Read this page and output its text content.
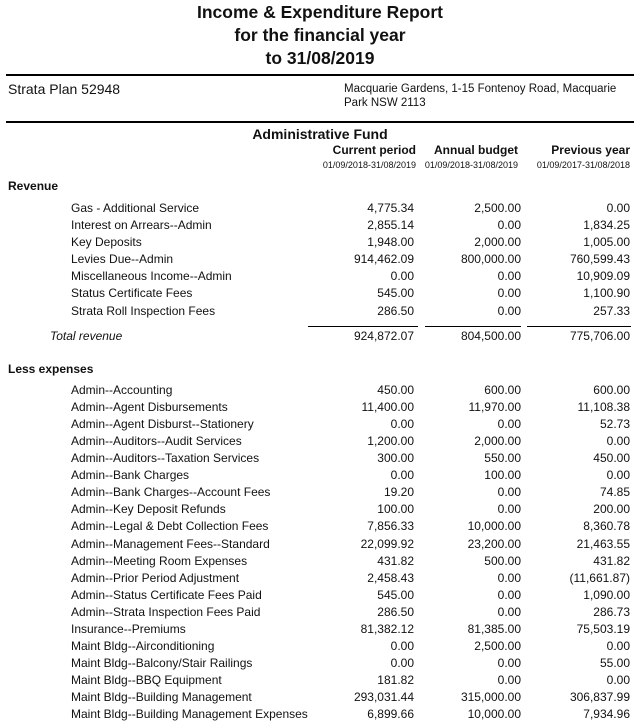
Income & Expenditure Report
for the financial year
to 31/08/2019
Strata Plan 52948	Macquarie Gardens, 1-15 Fontenoy Road, Macquarie Park NSW 2113
Administrative Fund
Current period
01/09/2018-31/08/2019
Annual budget
01/09/2018-31/08/2019
Previous year
01/09/2017-31/08/2018
Revenue
Gas - Additional Service	4,775.34	2,500.00	0.00
Interest on Arrears--Admin	2,855.14	0.00	1,834.25
Key Deposits	1,948.00	2,000.00	1,005.00
Levies Due--Admin	914,462.09	800,000.00	760,599.43
Miscellaneous Income--Admin	0.00	0.00	10,909.09
Status Certificate Fees	545.00	0.00	1,100.90
Strata Roll Inspection Fees	286.50	0.00	257.33
Total revenue	924,872.07	804,500.00	775,706.00
Less expenses
Admin--Accounting	450.00	600.00	600.00
Admin--Agent Disbursements	11,400.00	11,970.00	11,108.38
Admin--Agent Disburst--Stationery	0.00	0.00	52.73
Admin--Auditors--Audit Services	1,200.00	2,000.00	0.00
Admin--Auditors--Taxation Services	300.00	550.00	450.00
Admin--Bank Charges	0.00	100.00	0.00
Admin--Bank Charges--Account Fees	19.20	0.00	74.85
Admin--Key Deposit Refunds	100.00	0.00	200.00
Admin--Legal & Debt Collection Fees	7,856.33	10,000.00	8,360.78
Admin--Management Fees--Standard	22,099.92	23,200.00	21,463.55
Admin--Meeting Room Expenses	431.82	500.00	431.82
Admin--Prior Period Adjustment	2,458.43	0.00	(11,661.87)
Admin--Status Certificate Fees Paid	545.00	0.00	1,090.00
Admin--Strata Inspection Fees Paid	286.50	0.00	286.73
Insurance--Premiums	81,382.12	81,385.00	75,503.19
Maint Bldg--Airconditioning	0.00	2,500.00	0.00
Maint Bldg--Balcony/Stair Railings	0.00	0.00	55.00
Maint Bldg--BBQ Equipment	181.82	0.00	0.00
Maint Bldg--Building Management	293,031.44	315,000.00	306,837.99
Maint Bldg--Building Management Expenses	6,899.66	10,000.00	7,934.96
